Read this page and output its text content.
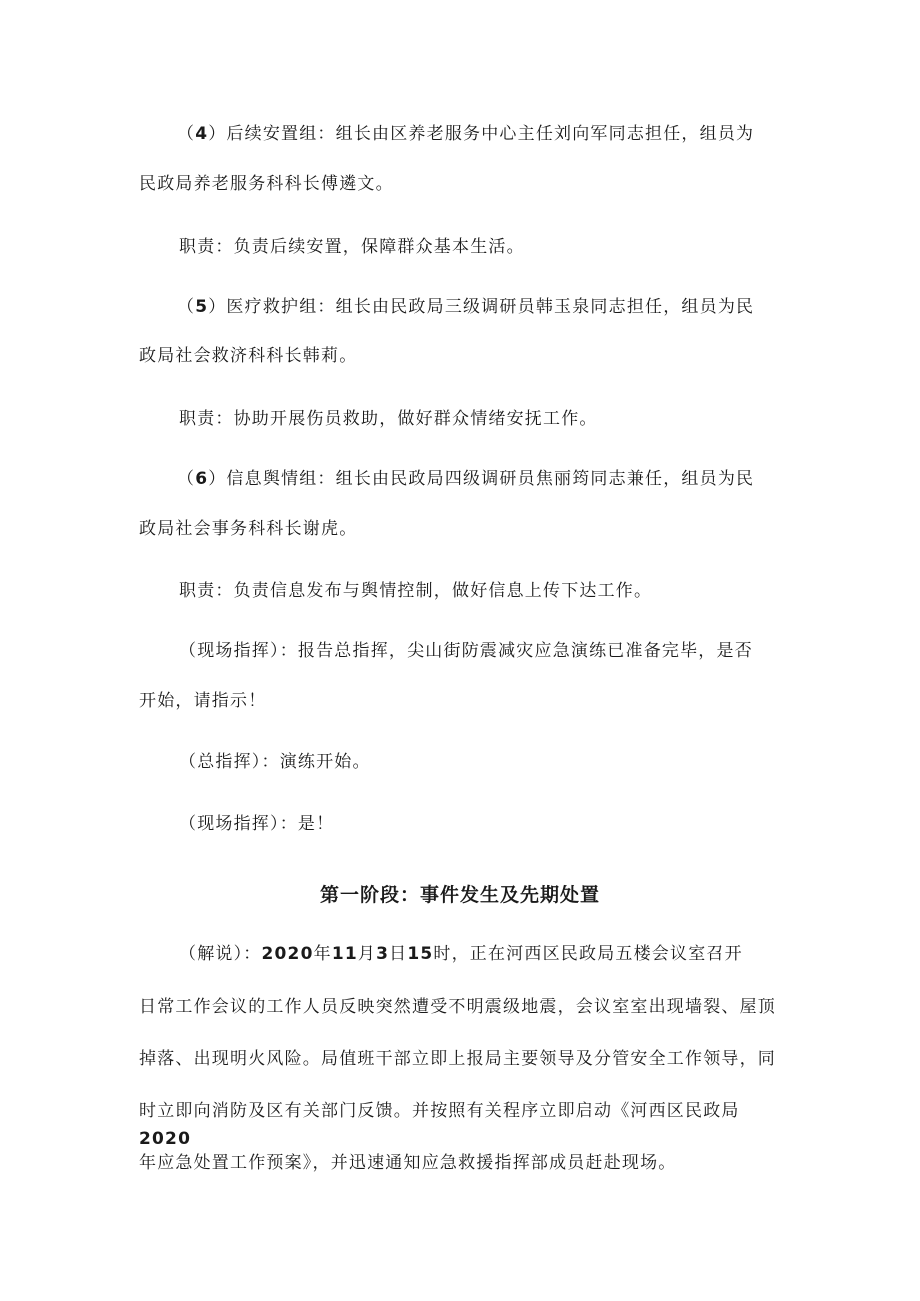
（4）后续安置组：组长由区养老服务中心主任刘向军同志担任，组员为

民政局养老服务科科长傅遴文。

职责：负责后续安置，保障群众基本生活。

（5）医疗救护组：组长由民政局三级调研员韩玉泉同志担任，组员为民

政局社会救济科科长韩莉。

职责：协助开展伤员救助，做好群众情绪安抚工作。

（6）信息舆情组：组长由民政局四级调研员焦丽筠同志兼任，组员为民

政局社会事务科科长谢虎。

职责：负责信息发布与舆情控制，做好信息上传下达工作。

（现场指挥）：报告总指挥，尖山街防震减灾应急演练已准备完毕，是否

开始，请指示！

（总指挥）：演练开始。

（现场指挥）：是！

第一阶段：事件发生及先期处置

（解说）：2020年11月3日15时，正在河西区民政局五楼会议室召开

日常工作会议的工作人员反映突然遭受不明震级地震，会议室室出现墙裂、屋顶

掉落、出现明火风险。局值班干部立即上报局主要领导及分管安全工作领导，同

时立即向消防及区有关部门反馈。并按照有关程序立即启动《河西区民政局2020

年应急处置工作预案》，并迅速通知应急救援指挥部成员赶赴现场。
